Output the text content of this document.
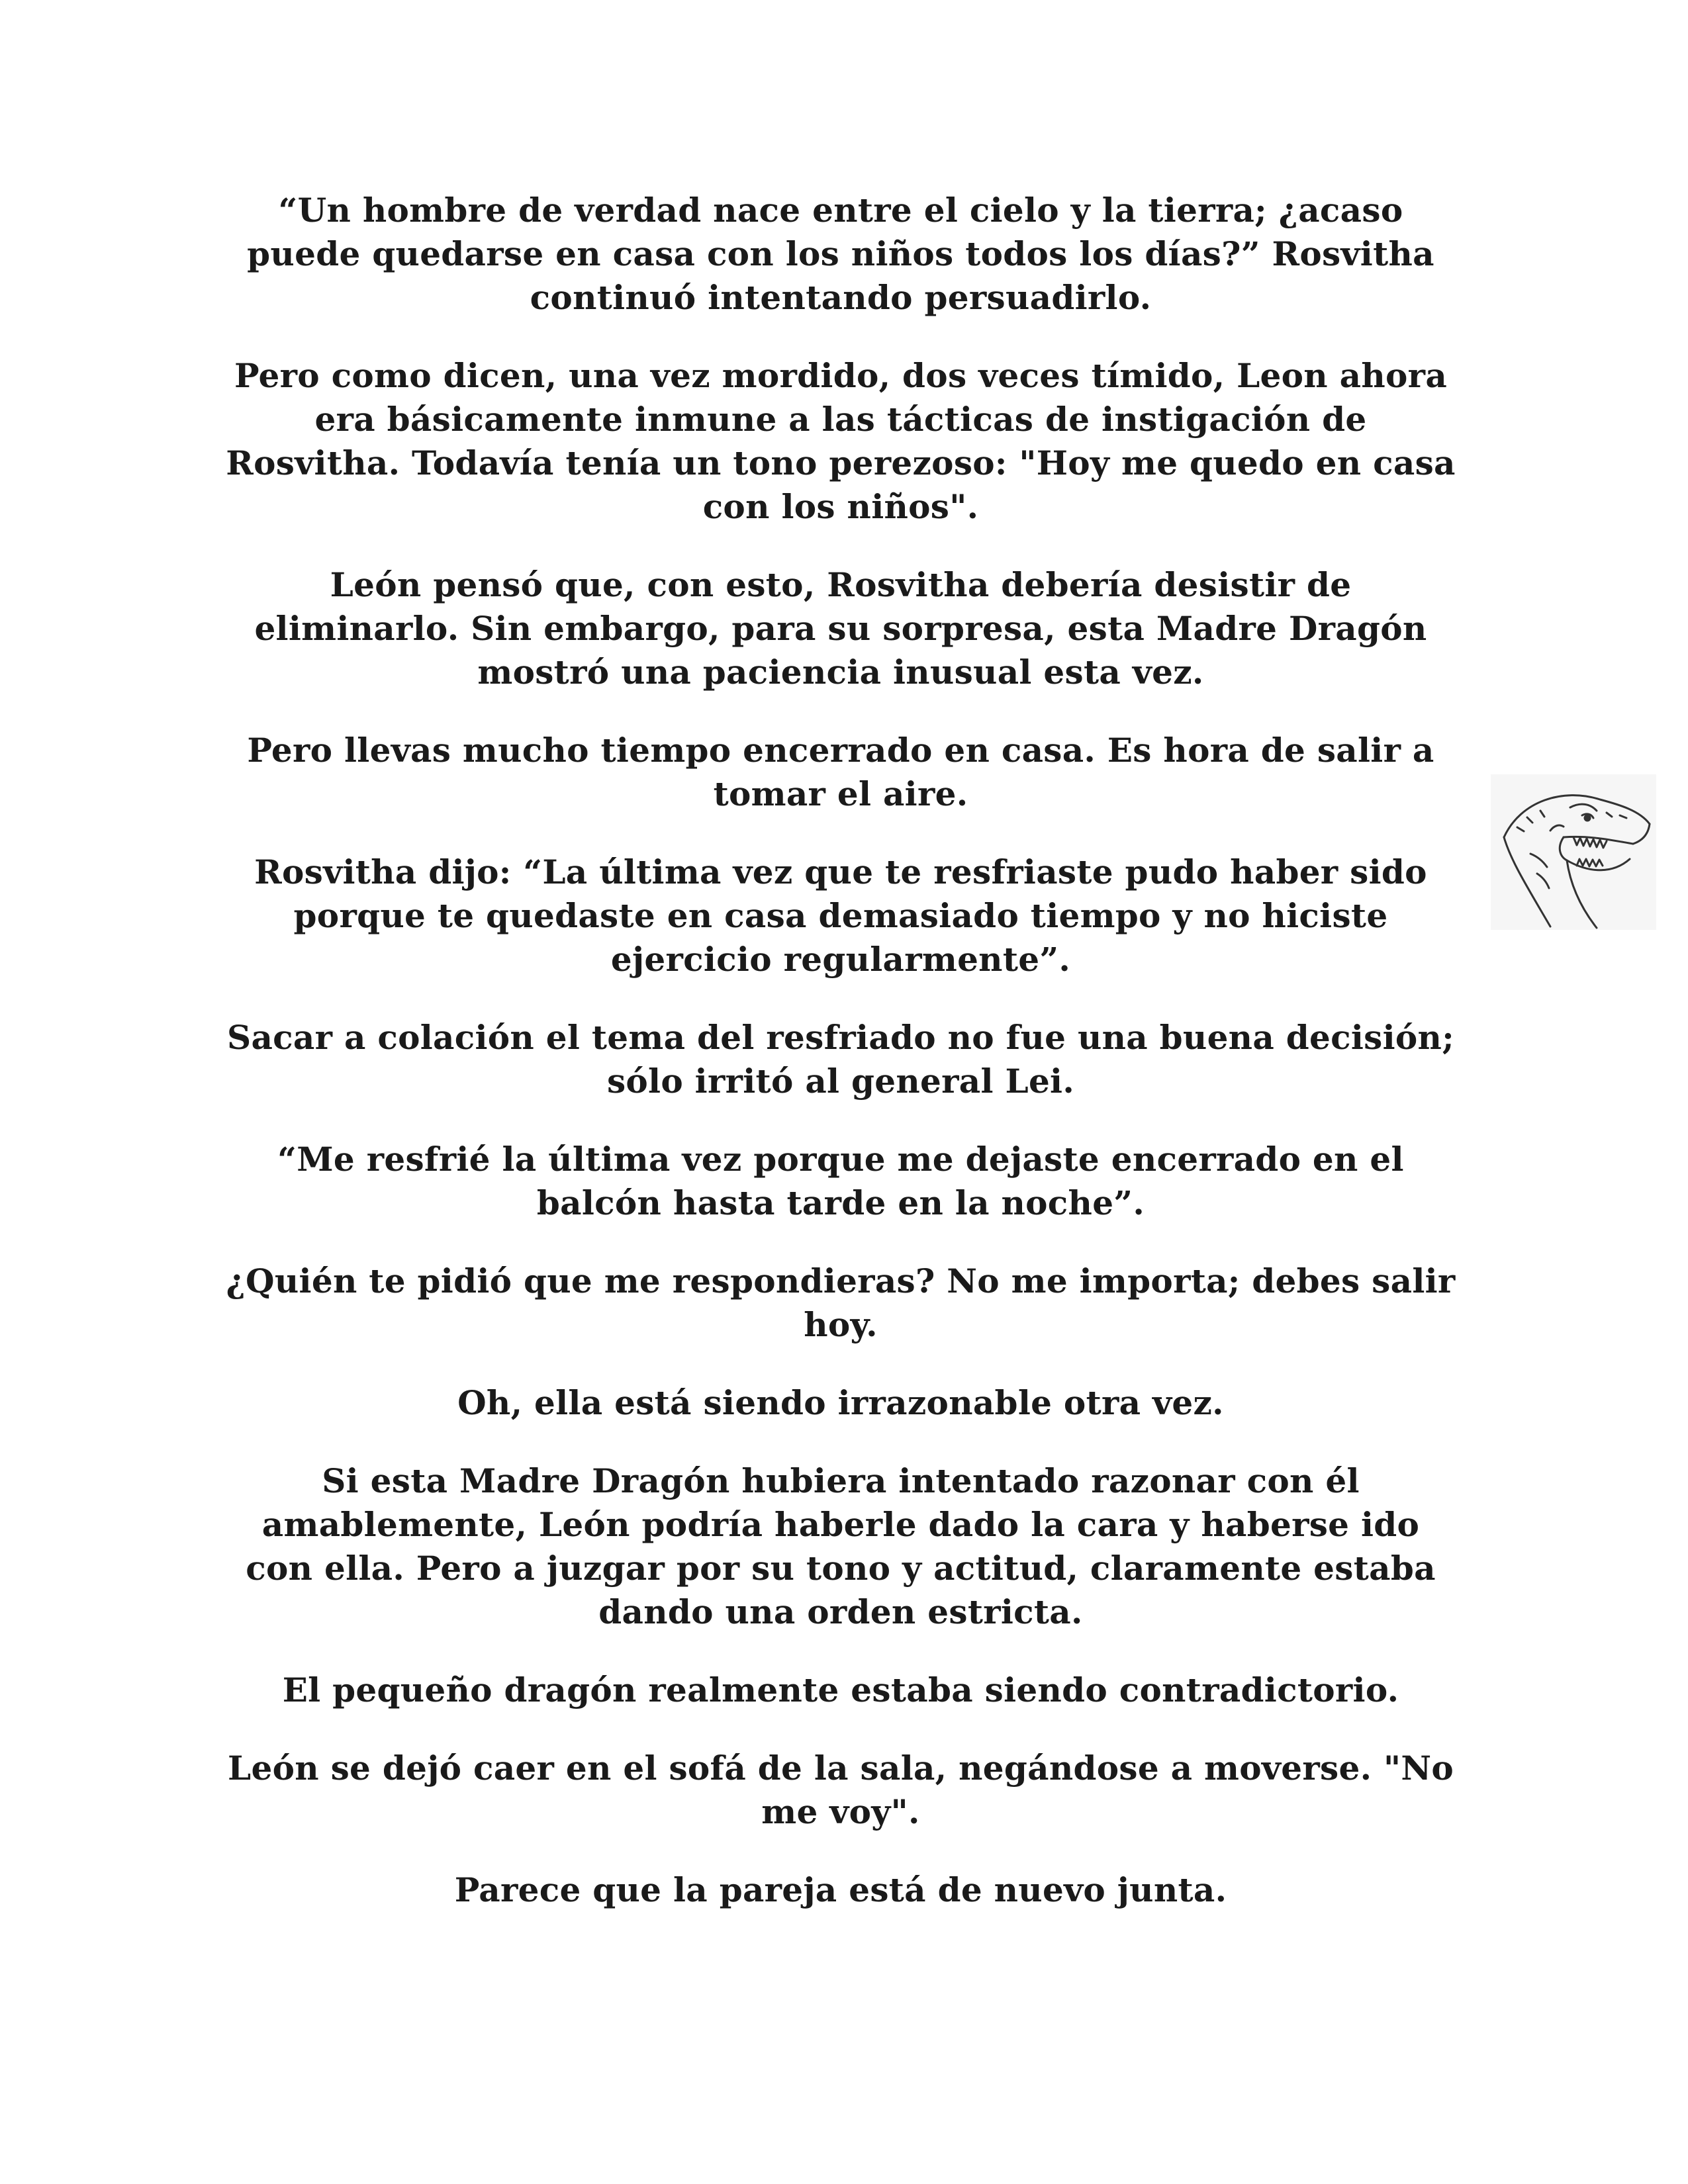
“Un hombre de verdad nace entre el cielo y la tierra; ¿acaso puede quedarse en casa con los niños todos los días?” Rosvitha continuó intentando persuadirlo.

Pero como dicen, una vez mordido, dos veces tímido, Leon ahora era básicamente inmune a las tácticas de instigación de Rosvitha. Todavía tenía un tono perezoso: "Hoy me quedo en casa con los niños".

León pensó que, con esto, Rosvitha debería desistir de eliminarlo. Sin embargo, para su sorpresa, esta Madre Dragón mostró una paciencia inusual esta vez.

Pero llevas mucho tiempo encerrado en casa. Es hora de salir a tomar el aire.

Rosvitha dijo: “La última vez que te resfriaste pudo haber sido porque te quedaste en casa demasiado tiempo y no hiciste ejercicio regularmente”.

Sacar a colación el tema del resfriado no fue una buena decisión; sólo irritó al general Lei.

“Me resfrié la última vez porque me dejaste encerrado en el balcón hasta tarde en la noche”.

¿Quién te pidió que me respondieras? No me importa; debes salir hoy.

Oh, ella está siendo irrazonable otra vez.

Si esta Madre Dragón hubiera intentado razonar con él amablemente, León podría haberle dado la cara y haberse ido con ella. Pero a juzgar por su tono y actitud, claramente estaba dando una orden estricta.

El pequeño dragón realmente estaba siendo contradictorio.

León se dejó caer en el sofá de la sala, negándose a moverse. "No me voy".

Parece que la pareja está de nuevo junta.
